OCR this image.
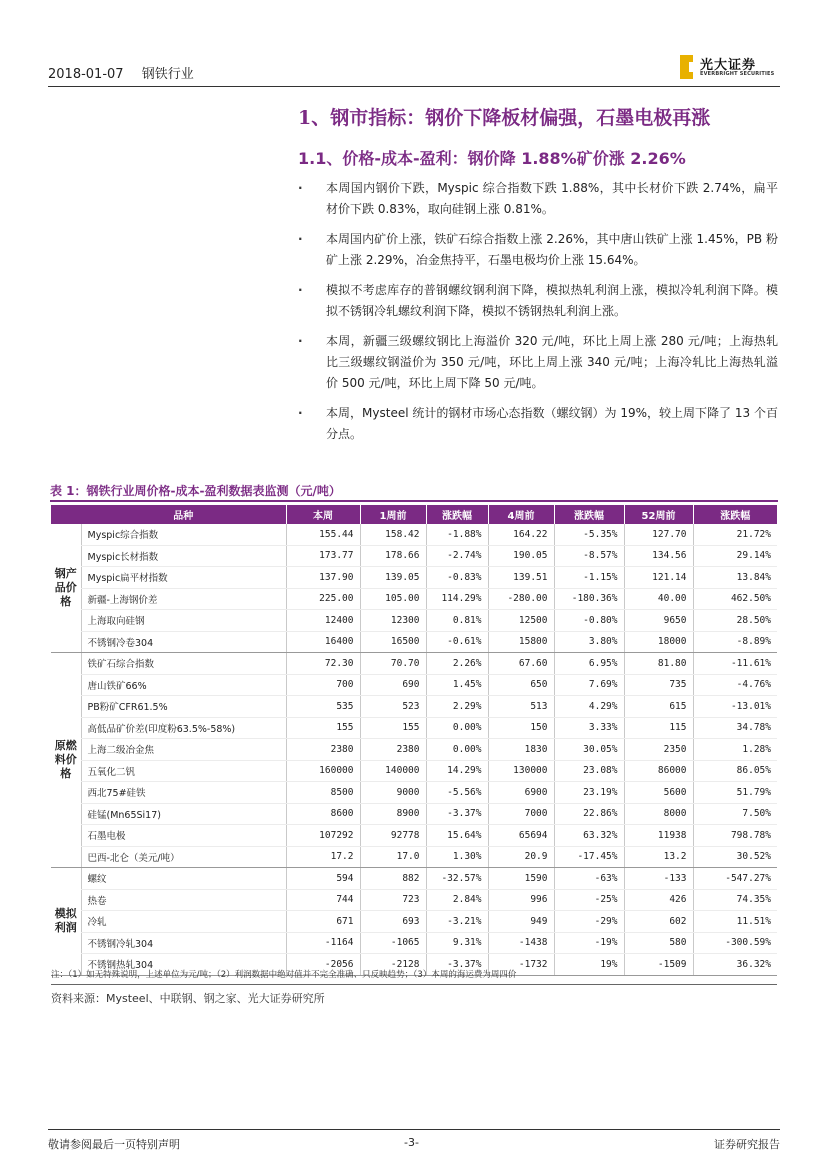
2018-01-07 钢铁行业
光大证券
EVERBRIGHT SECURITIES
1、钢市指标：钢价下降板材偏强，石墨电极再涨
1.1、价格-成本-盈利：钢价降 1.88%矿价涨 2.26%
· 本周国内钢价下跌，Myspic 综合指数下跌 1.88%，其中长材价下跌 2.74%，扁平材价下跌 0.83%，取向硅钢上涨 0.81%。
· 本周国内矿价上涨，铁矿石综合指数上涨 2.26%，其中唐山铁矿上涨 1.45%，PB 粉矿上涨 2.29%，冶金焦持平，石墨电极均价上涨 15.64%。
· 模拟不考虑库存的普钢螺纹钢利润下降，模拟热轧利润上涨，模拟冷轧利润下降。模拟不锈钢冷轧螺纹利润下降，模拟不锈钢热轧利润上涨。
· 本周，新疆三级螺纹钢比上海溢价 320 元/吨，环比上周上涨 280 元/吨；上海热轧比三级螺纹钢溢价为 350 元/吨，环比上周上涨 340 元/吨；上海冷轧比上海热轧溢价 500 元/吨，环比上周下降 50 元/吨。
· 本周，Mysteel 统计的钢材市场心态指数（螺纹钢）为 19%，较上周下降了 13 个百分点。
表 1：钢铁行业周价格-成本-盈利数据表监测（元/吨）
	品种	本周	1周前	涨跌幅	4周前	涨跌幅	52周前	涨跌幅
钢产
品价
格	Myspic综合指数	155.44	158.42	-1.88%	164.22	-5.35%	127.70	21.72%
	Myspic长材指数	173.77	178.66	-2.74%	190.05	-8.57%	134.56	29.14%
	Myspic扁平材指数	137.90	139.05	-0.83%	139.51	-1.15%	121.14	13.84%
	新疆-上海钢价差	225.00	105.00	114.29%	-280.00	-180.36%	40.00	462.50%
	上海取向硅钢	12400	12300	0.81%	12500	-0.80%	9650	28.50%
	不锈钢冷卷304	16400	16500	-0.61%	15800	3.80%	18000	-8.89%
原燃
料价
格	铁矿石综合指数	72.30	70.70	2.26%	67.60	6.95%	81.80	-11.61%
	唐山铁矿66%	700	690	1.45%	650	7.69%	735	-4.76%
	PB粉矿CFR61.5%	535	523	2.29%	513	4.29%	615	-13.01%
	高低品矿价差(印度粉63.5%-58%)	155	155	0.00%	150	3.33%	115	34.78%
	上海二级冶金焦	2380	2380	0.00%	1830	30.05%	2350	1.28%
	五氧化二钒	160000	140000	14.29%	130000	23.08%	86000	86.05%
	西北75#硅铁	8500	9000	-5.56%	6900	23.19%	5600	51.79%
	硅锰(Mn65Si17)	8600	8900	-3.37%	7000	22.86%	8000	7.50%
	石墨电极	107292	92778	15.64%	65694	63.32%	11938	798.78%
	巴西-北仑（美元/吨）	17.2	17.0	1.30%	20.9	-17.45%	13.2	30.52%
模拟
利润	螺纹	594	882	-32.57%	1590	-63%	-133	-547.27%
	热卷	744	723	2.84%	996	-25%	426	74.35%
	冷轧	671	693	-3.21%	949	-29%	602	11.51%
	不锈钢冷轧304	-1164	-1065	9.31%	-1438	-19%	580	-300.59%
	不锈钢热轧304	-2056	-2128	-3.37%	-1732	19%	-1509	36.32%
注：（1）如无特殊说明，上述单位为元/吨；（2）利润数据中绝对值并不完全准确、只反映趋势；（3）本周的海运费为周四价
资料来源：Mysteel、中联钢、钢之家、光大证券研究所
敬请参阅最后一页特别声明	-3-	证券研究报告
